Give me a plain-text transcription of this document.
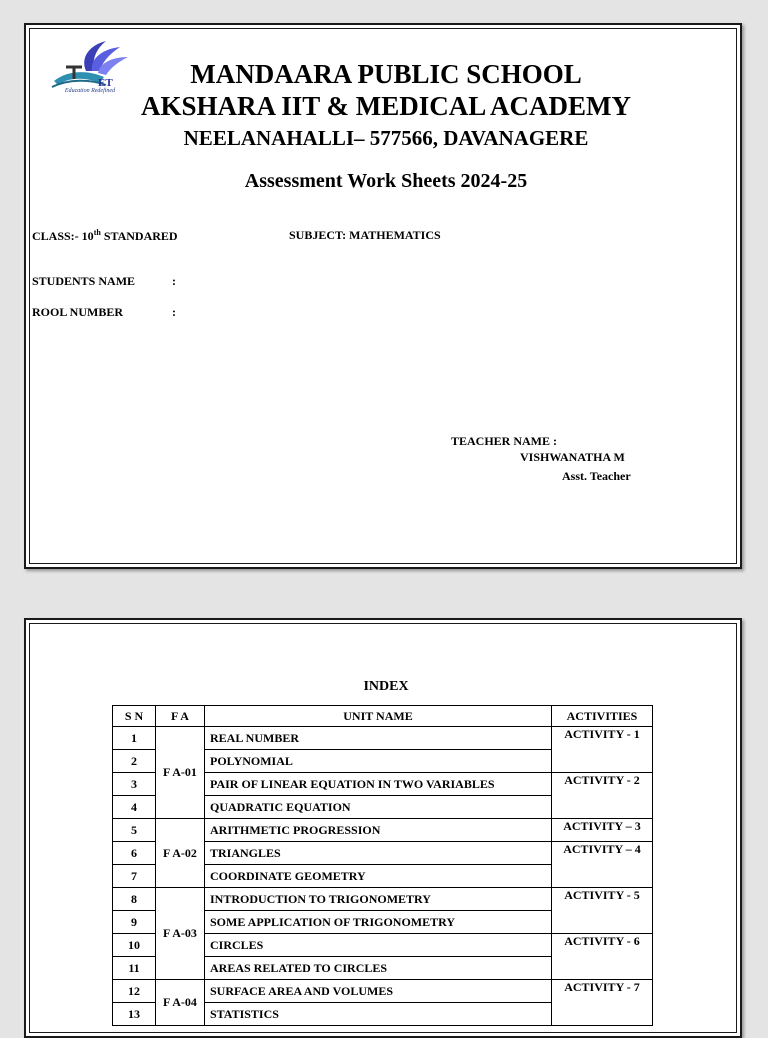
ET
Education Redefined
MANDAARA PUBLIC SCHOOL
AKSHARA IIT & MEDICAL ACADEMY
NEELANAHALLI– 577566, DAVANAGERE
Assessment Work Sheets 2024-25
CLASS:- 10th STANDARED	SUBJECT: MATHEMATICS
STUDENTS NAME	:
ROOL NUMBER	:
TEACHER NAME :
VISHWANATHA M
Asst. Teacher
INDEX
S N	F A	UNIT NAME	ACTIVITIES
1	F A-01	REAL NUMBER	ACTIVITY - 1
2		POLYNOMIAL	
3		PAIR OF LINEAR EQUATION IN TWO VARIABLES	ACTIVITY - 2
4		QUADRATIC EQUATION	
5	F A-02	ARITHMETIC PROGRESSION	ACTIVITY – 3
6		TRIANGLES	ACTIVITY – 4
7		COORDINATE GEOMETRY	
8	F A-03	INTRODUCTION TO TRIGONOMETRY	ACTIVITY - 5
9		SOME APPLICATION OF TRIGONOMETRY	
10		CIRCLES	ACTIVITY - 6
11		AREAS RELATED TO CIRCLES	
12	F A-04	SURFACE AREA AND VOLUMES	ACTIVITY - 7
13		STATISTICS	
